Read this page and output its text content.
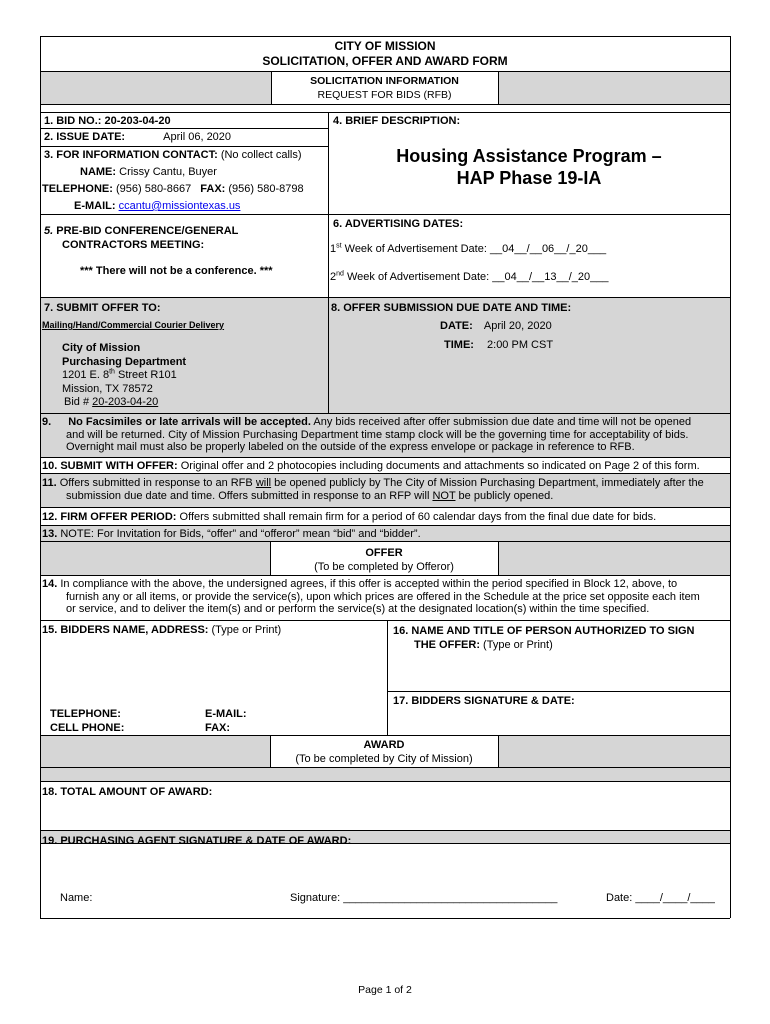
CITY OF MISSION
SOLICITATION, OFFER AND AWARD FORM
SOLICITATION INFORMATION
REQUEST FOR BIDS (RFB)
1. BID NO.: 20-203-04-20
2. ISSUE DATE:	April 06, 2020
3. FOR INFORMATION CONTACT: (No collect calls)
NAME: Crissy Cantu, Buyer
TELEPHONE: (956) 580-8667 FAX: (956) 580-8798
E-MAIL: ccantu@missiontexas.us
4. BRIEF DESCRIPTION:
Housing Assistance Program –
HAP Phase 19-IA
5. PRE-BID CONFERENCE/GENERAL
CONTRACTORS MEETING:
*** There will not be a conference. ***
6. ADVERTISING DATES:
1st Week of Advertisement Date: __04__/__06__/_20___
2nd Week of Advertisement Date: __04__/__13__/_20___
7. SUBMIT OFFER TO:
Mailing/Hand/Commercial Courier Delivery
City of Mission
Purchasing Department
1201 E. 8th Street R101
Mission, TX 78572
Bid # 20-203-04-20
8. OFFER SUBMISSION DUE DATE AND TIME:
DATE: April 20, 2020
TIME: 2:00 PM CST
9. No Facsimiles or late arrivals will be accepted. Any bids received after offer submission due date and time will not be opened
and will be returned. City of Mission Purchasing Department time stamp clock will be the governing time for acceptability of bids.
Overnight mail must also be properly labeled on the outside of the express envelope or package in reference to RFB.
10. SUBMIT WITH OFFER: Original offer and 2 photocopies including documents and attachments so indicated on Page 2 of this form.
11. Offers submitted in response to an RFB will be opened publicly by The City of Mission Purchasing Department, immediately after the
submission due date and time. Offers submitted in response to an RFP will NOT be publicly opened.
12. FIRM OFFER PERIOD: Offers submitted shall remain firm for a period of 60 calendar days from the final due date for bids.
13. NOTE: For Invitation for Bids, “offer” and “offeror” mean “bid” and “bidder”.
OFFER
(To be completed by Offeror)
14. In compliance with the above, the undersigned agrees, if this offer is accepted within the period specified in Block 12, above, to
furnish any or all items, or provide the service(s), upon which prices are offered in the Schedule at the price set opposite each item
or service, and to deliver the item(s) and or perform the service(s) at the designated location(s) within the time specified.
15. BIDDERS NAME, ADDRESS: (Type or Print)
TELEPHONE:
CELL PHONE:
E-MAIL:
FAX:
16. NAME AND TITLE OF PERSON AUTHORIZED TO SIGN
THE OFFER: (Type or Print)
17. BIDDERS SIGNATURE & DATE:
AWARD
(To be completed by City of Mission)
18. TOTAL AMOUNT OF AWARD:
19. PURCHASING AGENT SIGNATURE & DATE OF AWARD:
Name:	Signature: ___________________________________	Date: ____/____/____
Page 1 of 2
